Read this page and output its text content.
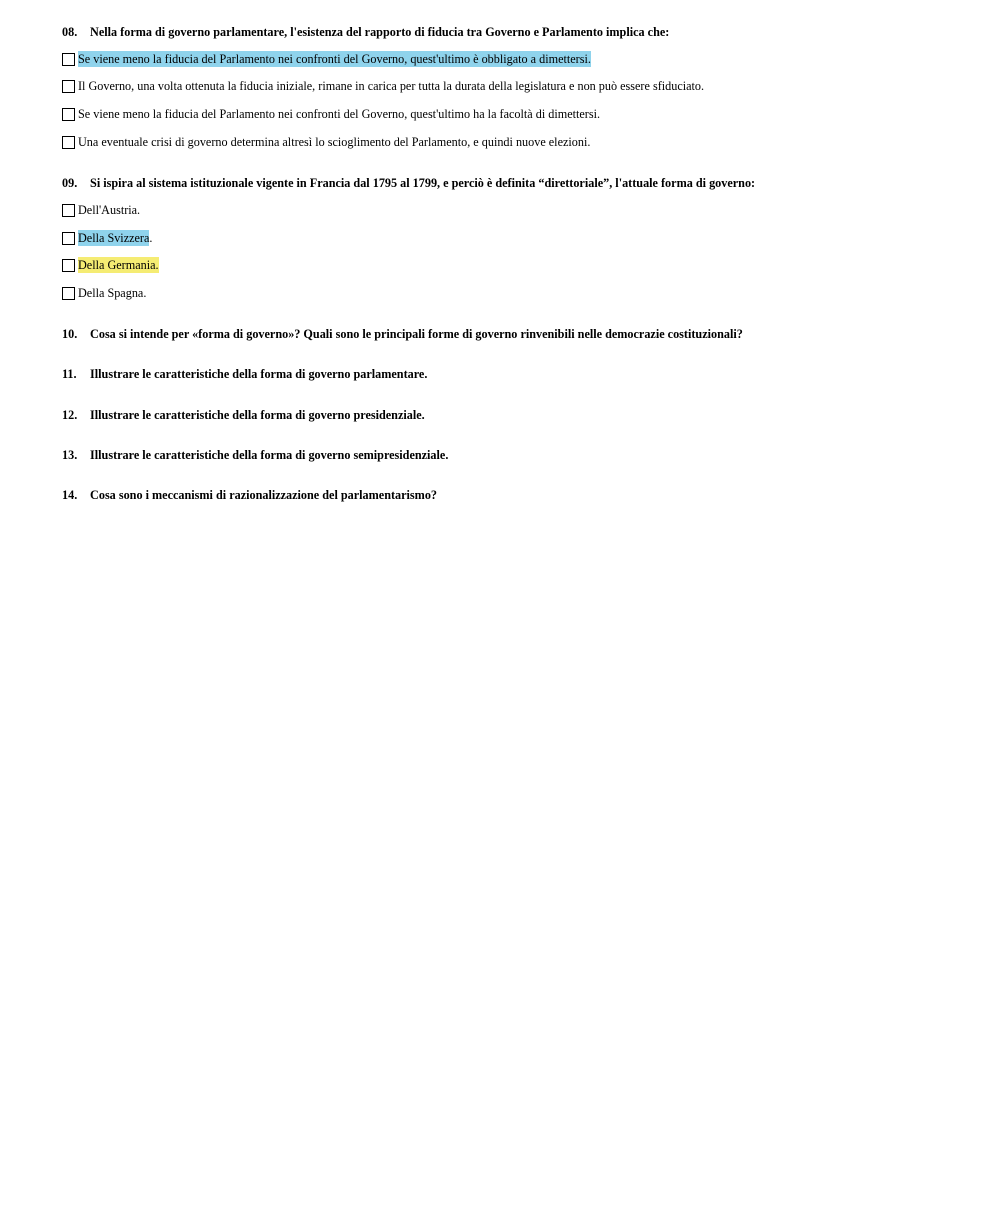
08. Nella forma di governo parlamentare, l'esistenza del rapporto di fiducia tra Governo e Parlamento implica che:
Se viene meno la fiducia del Parlamento nei confronti del Governo, quest'ultimo è obbligato a dimettersi.
Il Governo, una volta ottenuta la fiducia iniziale, rimane in carica per tutta la durata della legislatura e non può essere sfiduciato.
Se viene meno la fiducia del Parlamento nei confronti del Governo, quest'ultimo ha la facoltà di dimettersi.
Una eventuale crisi di governo determina altresì lo scioglimento del Parlamento, e quindi nuove elezioni.
09. Si ispira al sistema istituzionale vigente in Francia dal 1795 al 1799, e perciò è definita “direttoriale”, l'attuale forma di governo:
Dell'Austria.
Della Svizzera .
Della Germania.
Della Spagna.
10. Cosa si intende per «forma di governo»? Quali sono le principali forme di governo rinvenibili nelle democrazie costituzionali?
11. Illustrare le caratteristiche della forma di governo parlamentare.
12. Illustrare le caratteristiche della forma di governo presidenziale.
13. Illustrare le caratteristiche della forma di governo semipresidenziale.
14. Cosa sono i meccanismi di razionalizzazione del parlamentarismo?
